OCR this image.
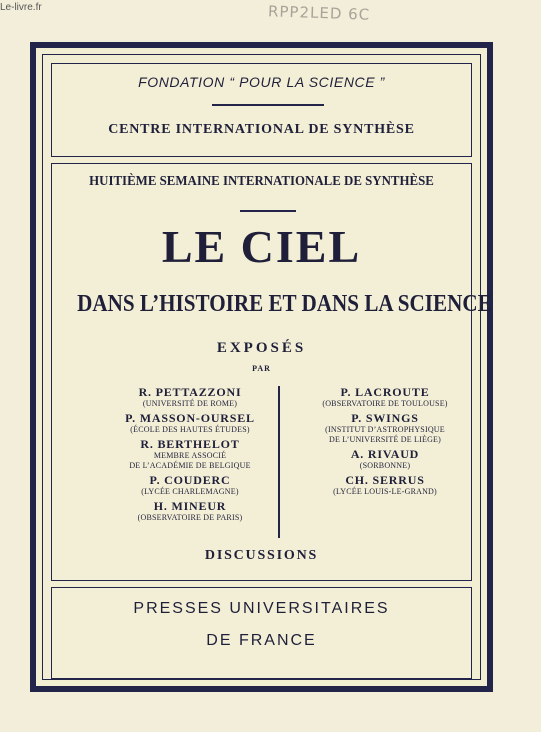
Le-livre.fr	RPP2LED 6C
FONDATION “ POUR LA SCIENCE ”
CENTRE INTERNATIONAL DE SYNTHÈSE
HUITIÈME SEMAINE INTERNATIONALE DE SYNTHÈSE
LE CIEL
DANS L’HISTOIRE ET DANS LA SCIENCE
EXPOSÉS
PAR
R. PETTAZZONI
(UNIVERSITÉ DE ROME)
P. MASSON-OURSEL
(ÉCOLE DES HAUTES ÉTUDES)
R. BERTHELOT
MEMBRE ASSOCIÉ
DE L’ACADÉMIE DE BELGIQUE
P. COUDERC
(LYCÉE CHARLEMAGNE)
H. MINEUR
(OBSERVATOIRE DE PARIS)
P. LACROUTE
(OBSERVATOIRE DE TOULOUSE)
P. SWINGS
(INSTITUT D’ASTROPHYSIQUE
DE L’UNIVERSITÉ DE LIÈGE)
A. RIVAUD
(SORBONNE)
CH. SERRUS
(LYCÉE LOUIS-LE-GRAND)
DISCUSSIONS
PRESSES UNIVERSITAIRES
DE FRANCE
